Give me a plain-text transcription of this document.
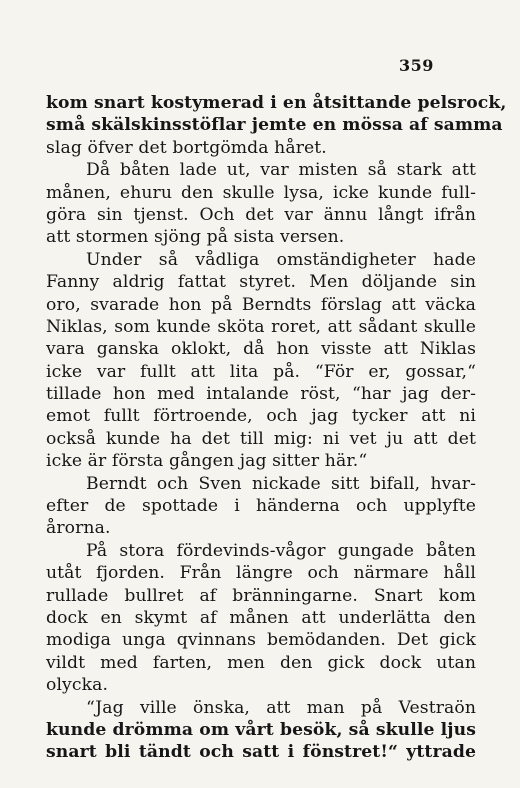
359
kom snart kostymerad i en åtsittande pelsrock,
små skälskinsstöflar jemte en mössa af samma
slag öfver det bortgömda håret.
Då båten lade ut, var misten så stark att
månen, ehuru den skulle lysa, icke kunde full-
göra sin tjenst. Och det var ännu långt ifrån
att stormen sjöng på sista versen.
Under så vådliga omständigheter hade
Fanny aldrig fattat styret. Men döljande sin
oro, svarade hon på Berndts förslag att väcka
Niklas, som kunde sköta roret, att sådant skulle
vara ganska oklokt, då hon visste att Niklas
icke var fullt att lita på. “För er, gossar,“
tillade hon med intalande röst, “har jag der-
emot fullt förtroende, och jag tycker att ni
också kunde ha det till mig: ni vet ju att det
icke är första gången jag sitter här.“
Berndt och Sven nickade sitt bifall, hvar-
efter de spottade i händerna och upplyfte
årorna.
På stora fördevinds-vågor gungade båten
utåt fjorden. Från längre och närmare håll
rullade bullret af bränningarne. Snart kom
dock en skymt af månen att underlätta den
modiga unga qvinnans bemödanden. Det gick
vildt med farten, men den gick dock utan
olycka.
“Jag ville önska, att man på Vestraön
kunde drömma om vårt besök, så skulle ljus
snart bli tändt och satt i fönstret!“ yttrade
